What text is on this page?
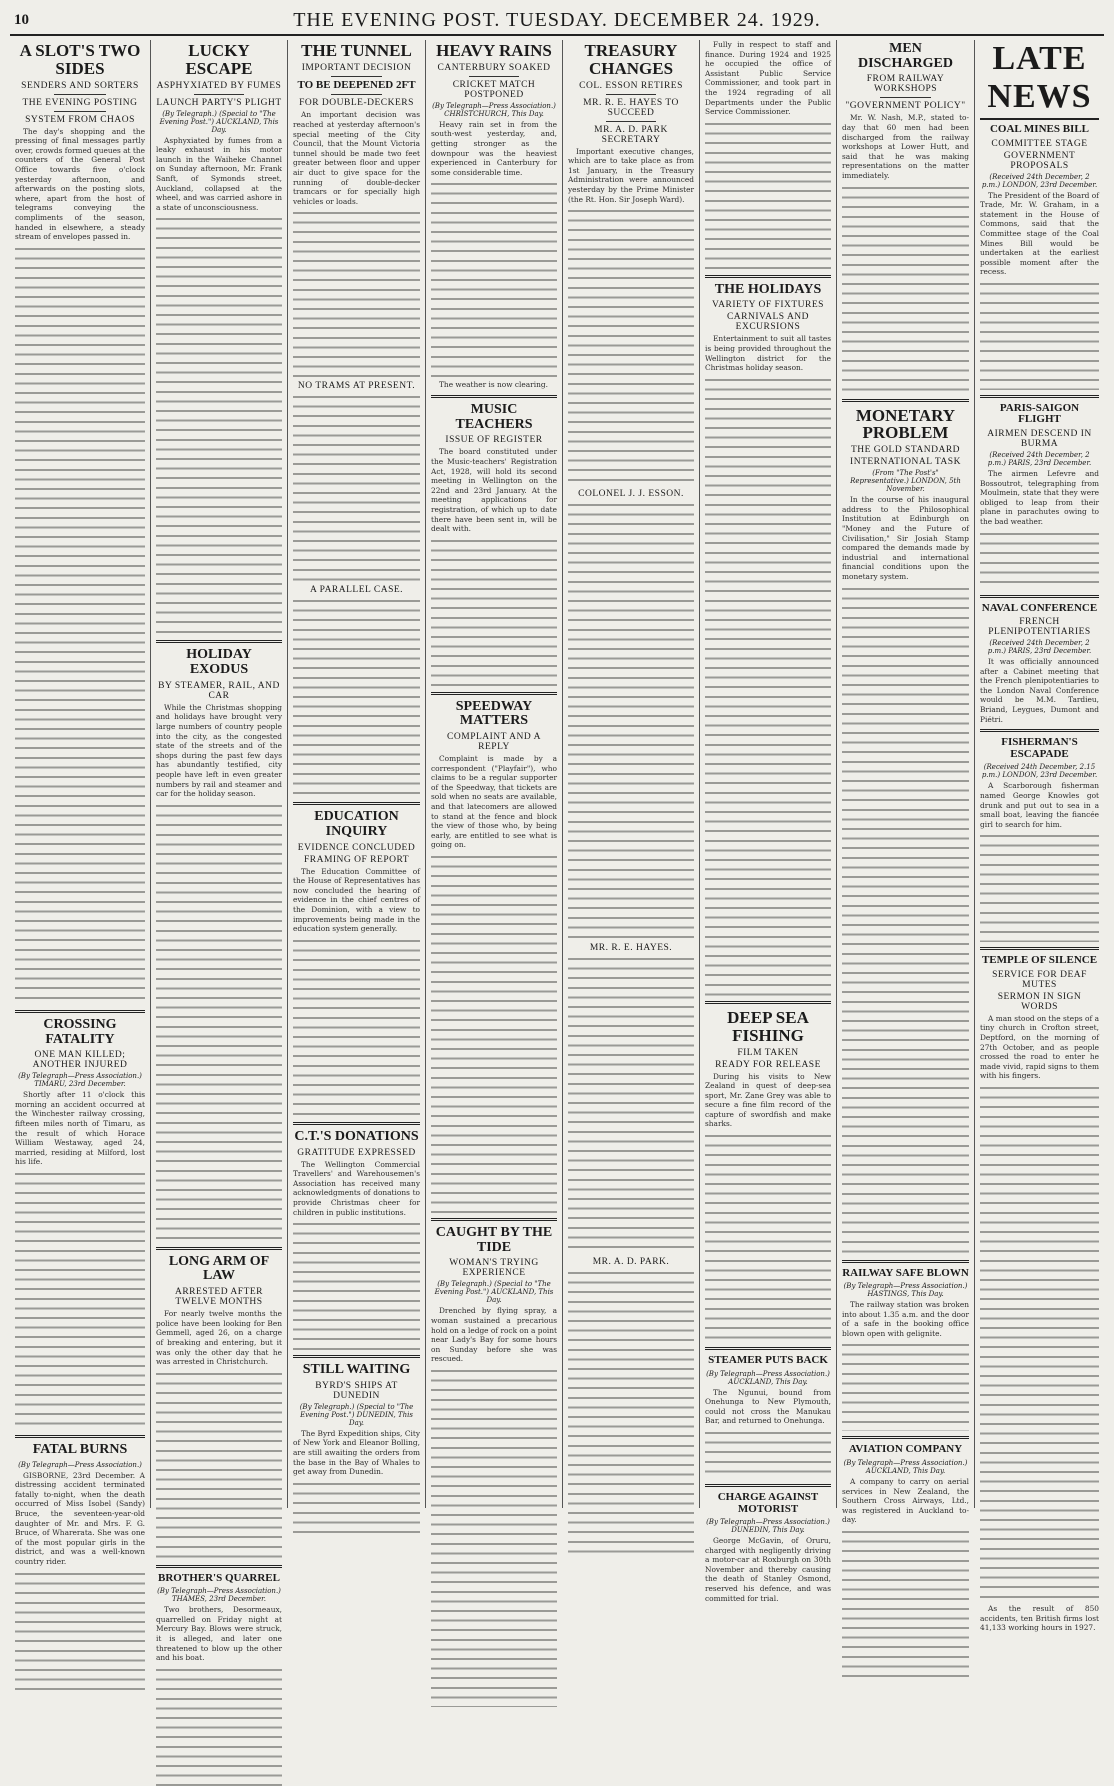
10	THE EVENING POST. TUESDAY. DECEMBER 24. 1929.
A SLOT'S TWO SIDES
SENDERS AND SORTERS
THE EVENING POSTING
SYSTEM FROM CHAOS

The day's shopping and the pressing of final messages partly over, crowds formed queues at the counters of the General Post Office towards five o'clock yesterday afternoon, and afterwards on the posting slots, where, apart from the host of telegrams conveying the compliments of the season, handed in elsewhere, a steady stream of envelopes passed in.

CROSSING FATALITY
ONE MAN KILLED; ANOTHER INJURED
(By Telegraph—Press Association.) TIMARU, 23rd December.

Shortly after 11 o'clock this morning an accident occurred at the Winchester railway crossing, fifteen miles north of Timaru, as the result of which Horace William Westaway, aged 24, married, residing at Milford, lost his life.

FATAL BURNS
(By Telegraph—Press Association.)

GISBORNE, 23rd December. A distressing accident terminated fatally to-night, when the death occurred of Miss Isobel (Sandy) Bruce, the seventeen-year-old daughter of Mr. and Mrs. F. G. Bruce, of Wharerata. She was one of the most popular girls in the district, and was a well-known country rider.

LUCKY ESCAPE
ASPHYXIATED BY FUMES
LAUNCH PARTY'S PLIGHT
(By Telegraph.) (Special to "The Evening Post.") AUCKLAND, This Day.

Asphyxiated by fumes from a leaky exhaust in his motor launch in the Waiheke Channel on Sunday afternoon, Mr. Frank Sanft, of Symonds street, Auckland, collapsed at the wheel, and was carried ashore in a state of unconsciousness.

HOLIDAY EXODUS
BY STEAMER, RAIL, AND CAR

While the Christmas shopping and holidays have brought very large numbers of country people into the city, as the congested state of the streets and of the shops during the past few days has abundantly testified, city people have left in even greater numbers by rail and steamer and car for the holiday season.

LONG ARM OF LAW
ARRESTED AFTER TWELVE MONTHS

For nearly twelve months the police have been looking for Ben Gemmell, aged 26, on a charge of breaking and entering, but it was only the other day that he was arrested in Christchurch.

BROTHER'S QUARREL
(By Telegraph—Press Association.) THAMES, 23rd December.

Two brothers, Desormeaux, quarrelled on Friday night at Mercury Bay. Blows were struck, it is alleged, and later one threatened to blow up the other and his boat.

THE TUNNEL
IMPORTANT DECISION
TO BE DEEPENED 2FT
FOR DOUBLE-DECKERS

An important decision was reached at yesterday afternoon's special meeting of the City Council, that the Mount Victoria tunnel should be made two feet greater between floor and upper air duct to give space for the running of double-decker tramcars or for specially high vehicles or loads.

NO TRAMS AT PRESENT.
A PARALLEL CASE.
EDUCATION INQUIRY
EVIDENCE CONCLUDED
FRAMING OF REPORT

The Education Committee of the House of Representatives has now concluded the hearing of evidence in the chief centres of the Dominion, with a view to improvements being made in the education system generally.

C.T.'S DONATIONS
GRATITUDE EXPRESSED

The Wellington Commercial Travellers' and Warehousemen's Association has received many acknowledgments of donations to provide Christmas cheer for children in public institutions.

STILL WAITING
BYRD'S SHIPS AT DUNEDIN
(By Telegraph.) (Special to "The Evening Post.") DUNEDIN, This Day.

The Byrd Expedition ships, City of New York and Eleanor Bolling, are still awaiting the orders from the base in the Bay of Whales to get away from Dunedin.

HEAVY RAINS
CANTERBURY SOAKED
CRICKET MATCH POSTPONED
(By Telegraph—Press Association.) CHRISTCHURCH, This Day.

Heavy rain set in from the south-west yesterday, and, getting stronger as the downpour was the heaviest experienced in Canterbury for some considerable time.

The weather is now clearing.

MUSIC TEACHERS
ISSUE OF REGISTER

The board constituted under the Music-teachers' Registration Act, 1928, will hold its second meeting in Wellington on the 22nd and 23rd January. At the meeting applications for registration, of which up to date there have been sent in, will be dealt with.

SPEEDWAY MATTERS
COMPLAINT AND A REPLY

Complaint is made by a correspondent ("Playfair"), who claims to be a regular supporter of the Speedway, that tickets are sold when no seats are available, and that latecomers are allowed to stand at the fence and block the view of those who, by being early, are entitled to see what is going on.

CAUGHT BY THE TIDE
WOMAN'S TRYING EXPERIENCE
(By Telegraph.) (Special to "The Evening Post.") AUCKLAND, This Day.

Drenched by flying spray, a woman sustained a precarious hold on a ledge of rock on a point near Lady's Bay for some hours on Sunday before she was rescued.

TREASURY CHANGES
COL. ESSON RETIRES
MR. R. E. HAYES TO SUCCEED
MR. A. D. PARK SECRETARY

Important executive changes, which are to take place as from 1st January, in the Treasury Administration were announced yesterday by the Prime Minister (the Rt. Hon. Sir Joseph Ward).

COLONEL J. J. ESSON.
MR. R. E. HAYES.
MR. A. D. PARK.

Fully in respect to staff and finance. During 1924 and 1925 he occupied the office of Assistant Public Service Commissioner, and took part in the 1924 regrading of all Departments under the Public Service Commissioner.

THE HOLIDAYS
VARIETY OF FIXTURES
CARNIVALS AND EXCURSIONS

Entertainment to suit all tastes is being provided throughout the Wellington district for the Christmas holiday season.

DEEP SEA FISHING
FILM TAKEN
READY FOR RELEASE

During his visits to New Zealand in quest of deep-sea sport, Mr. Zane Grey was able to secure a fine film record of the capture of swordfish and make sharks.

STEAMER PUTS BACK
(By Telegraph—Press Association.) AUCKLAND, This Day.

The Ngunui, bound from Onehunga to New Plymouth, could not cross the Manukau Bar, and returned to Onehunga.

CHARGE AGAINST MOTORIST
(By Telegraph—Press Association.) DUNEDIN, This Day.

George McGavin, of Oruru, charged with negligently driving a motor-car at Roxburgh on 30th November and thereby causing the death of Stanley Osmond, reserved his defence, and was committed for trial.

MEN DISCHARGED
FROM RAILWAY WORKSHOPS
"GOVERNMENT POLICY"

Mr. W. Nash, M.P., stated to-day that 60 men had been discharged from the railway workshops at Lower Hutt, and said that he was making representations on the matter immediately.

MONETARY PROBLEM
THE GOLD STANDARD
INTERNATIONAL TASK
(From "The Post's" Representative.) LONDON, 5th November.

In the course of his inaugural address to the Philosophical Institution at Edinburgh on "Money and the Future of Civilisation," Sir Josiah Stamp compared the demands made by industrial and international financial conditions upon the monetary system.

RAILWAY SAFE BLOWN
(By Telegraph—Press Association.) HASTINGS, This Day.

The railway station was broken into about 1.35 a.m. and the door of a safe in the booking office blown open with gelignite.

AVIATION COMPANY
(By Telegraph—Press Association.) AUCKLAND, This Day.

A company to carry on aerial services in New Zealand, the Southern Cross Airways, Ltd., was registered in Auckland to-day.

LATE NEWS
COAL MINES BILL
COMMITTEE STAGE
GOVERNMENT PROPOSALS
(Received 24th December, 2 p.m.) LONDON, 23rd December.

The President of the Board of Trade, Mr. W. Graham, in a statement in the House of Commons, said that the Committee stage of the Coal Mines Bill would be undertaken at the earliest possible moment after the recess.

PARIS-SAIGON FLIGHT
AIRMEN DESCEND IN BURMA
(Received 24th December, 2 p.m.) PARIS, 23rd December.

The airmen Lefevre and Bossoutrot, telegraphing from Moulmein, state that they were obliged to leap from their plane in parachutes owing to the bad weather.

NAVAL CONFERENCE
FRENCH PLENIPOTENTIARIES
(Received 24th December, 2 p.m.) PARIS, 23rd December.

It was officially announced after a Cabinet meeting that the French plenipotentiaries to the London Naval Conference would be M.M. Tardieu, Briand, Leygues, Dumont and Piétri.

FISHERMAN'S ESCAPADE
(Received 24th December, 2.15 p.m.) LONDON, 23rd December.

A Scarborough fisherman named George Knowles got drunk and put out to sea in a small boat, leaving the fiancée girl to search for him.

TEMPLE OF SILENCE
SERVICE FOR DEAF MUTES
SERMON IN SIGN WORDS

A man stood on the steps of a tiny church in Crofton street, Deptford, on the morning of 27th October, and as people crossed the road to enter he made vivid, rapid signs to them with his fingers.

As the result of 850 accidents, ten British firms lost 41,133 working hours in 1927.
